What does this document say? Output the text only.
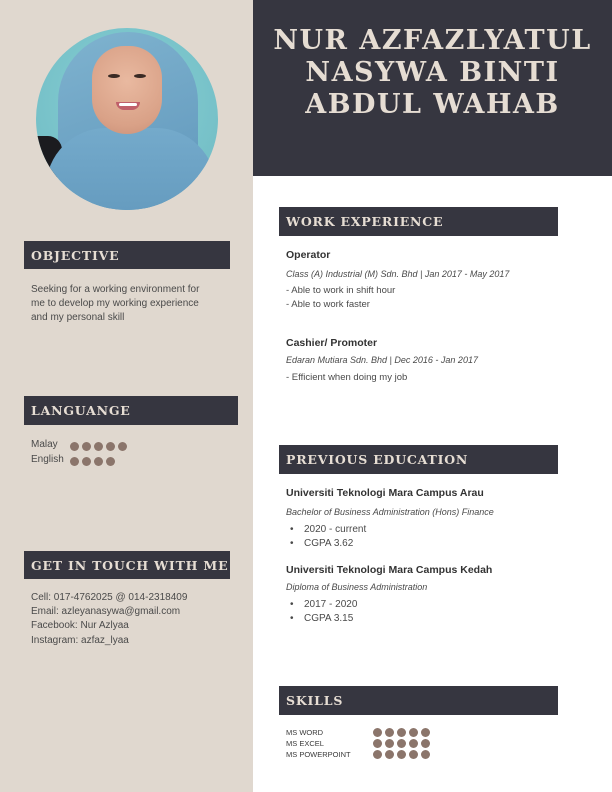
NUR AZFAZLYATUL
NASYWA BINTI
ABDUL WAHAB
OBJECTIVE
Seeking for a working environment for
me to develop my working experience
and my personal skill
LANGUANGE
Malay
English
GET IN TOUCH WITH ME
Cell: 017-4762025 @ 014-2318409
Email: azleyanasywa@gmail.com
Facebook: Nur Azlyaa
Instagram: azfaz_lyaa
WORK EXPERIENCE
Operator
Class (A) Industrial (M) Sdn. Bhd | Jan 2017 - May 2017
- Able to work in shift hour
- Able to work faster
Cashier/ Promoter
Edaran Mutiara Sdn. Bhd | Dec 2016 - Jan 2017
- Efficient when doing my job
PREVIOUS EDUCATION
Universiti Teknologi Mara Campus Arau
Bachelor of Business Administration (Hons) Finance
• 2020 - current
• CGPA 3.62
Universiti Teknologi Mara Campus Kedah
Diploma of Business Administration
• 2017 - 2020
• CGPA 3.15
SKILLS
MS WORD
MS EXCEL
MS POWERPOINT
